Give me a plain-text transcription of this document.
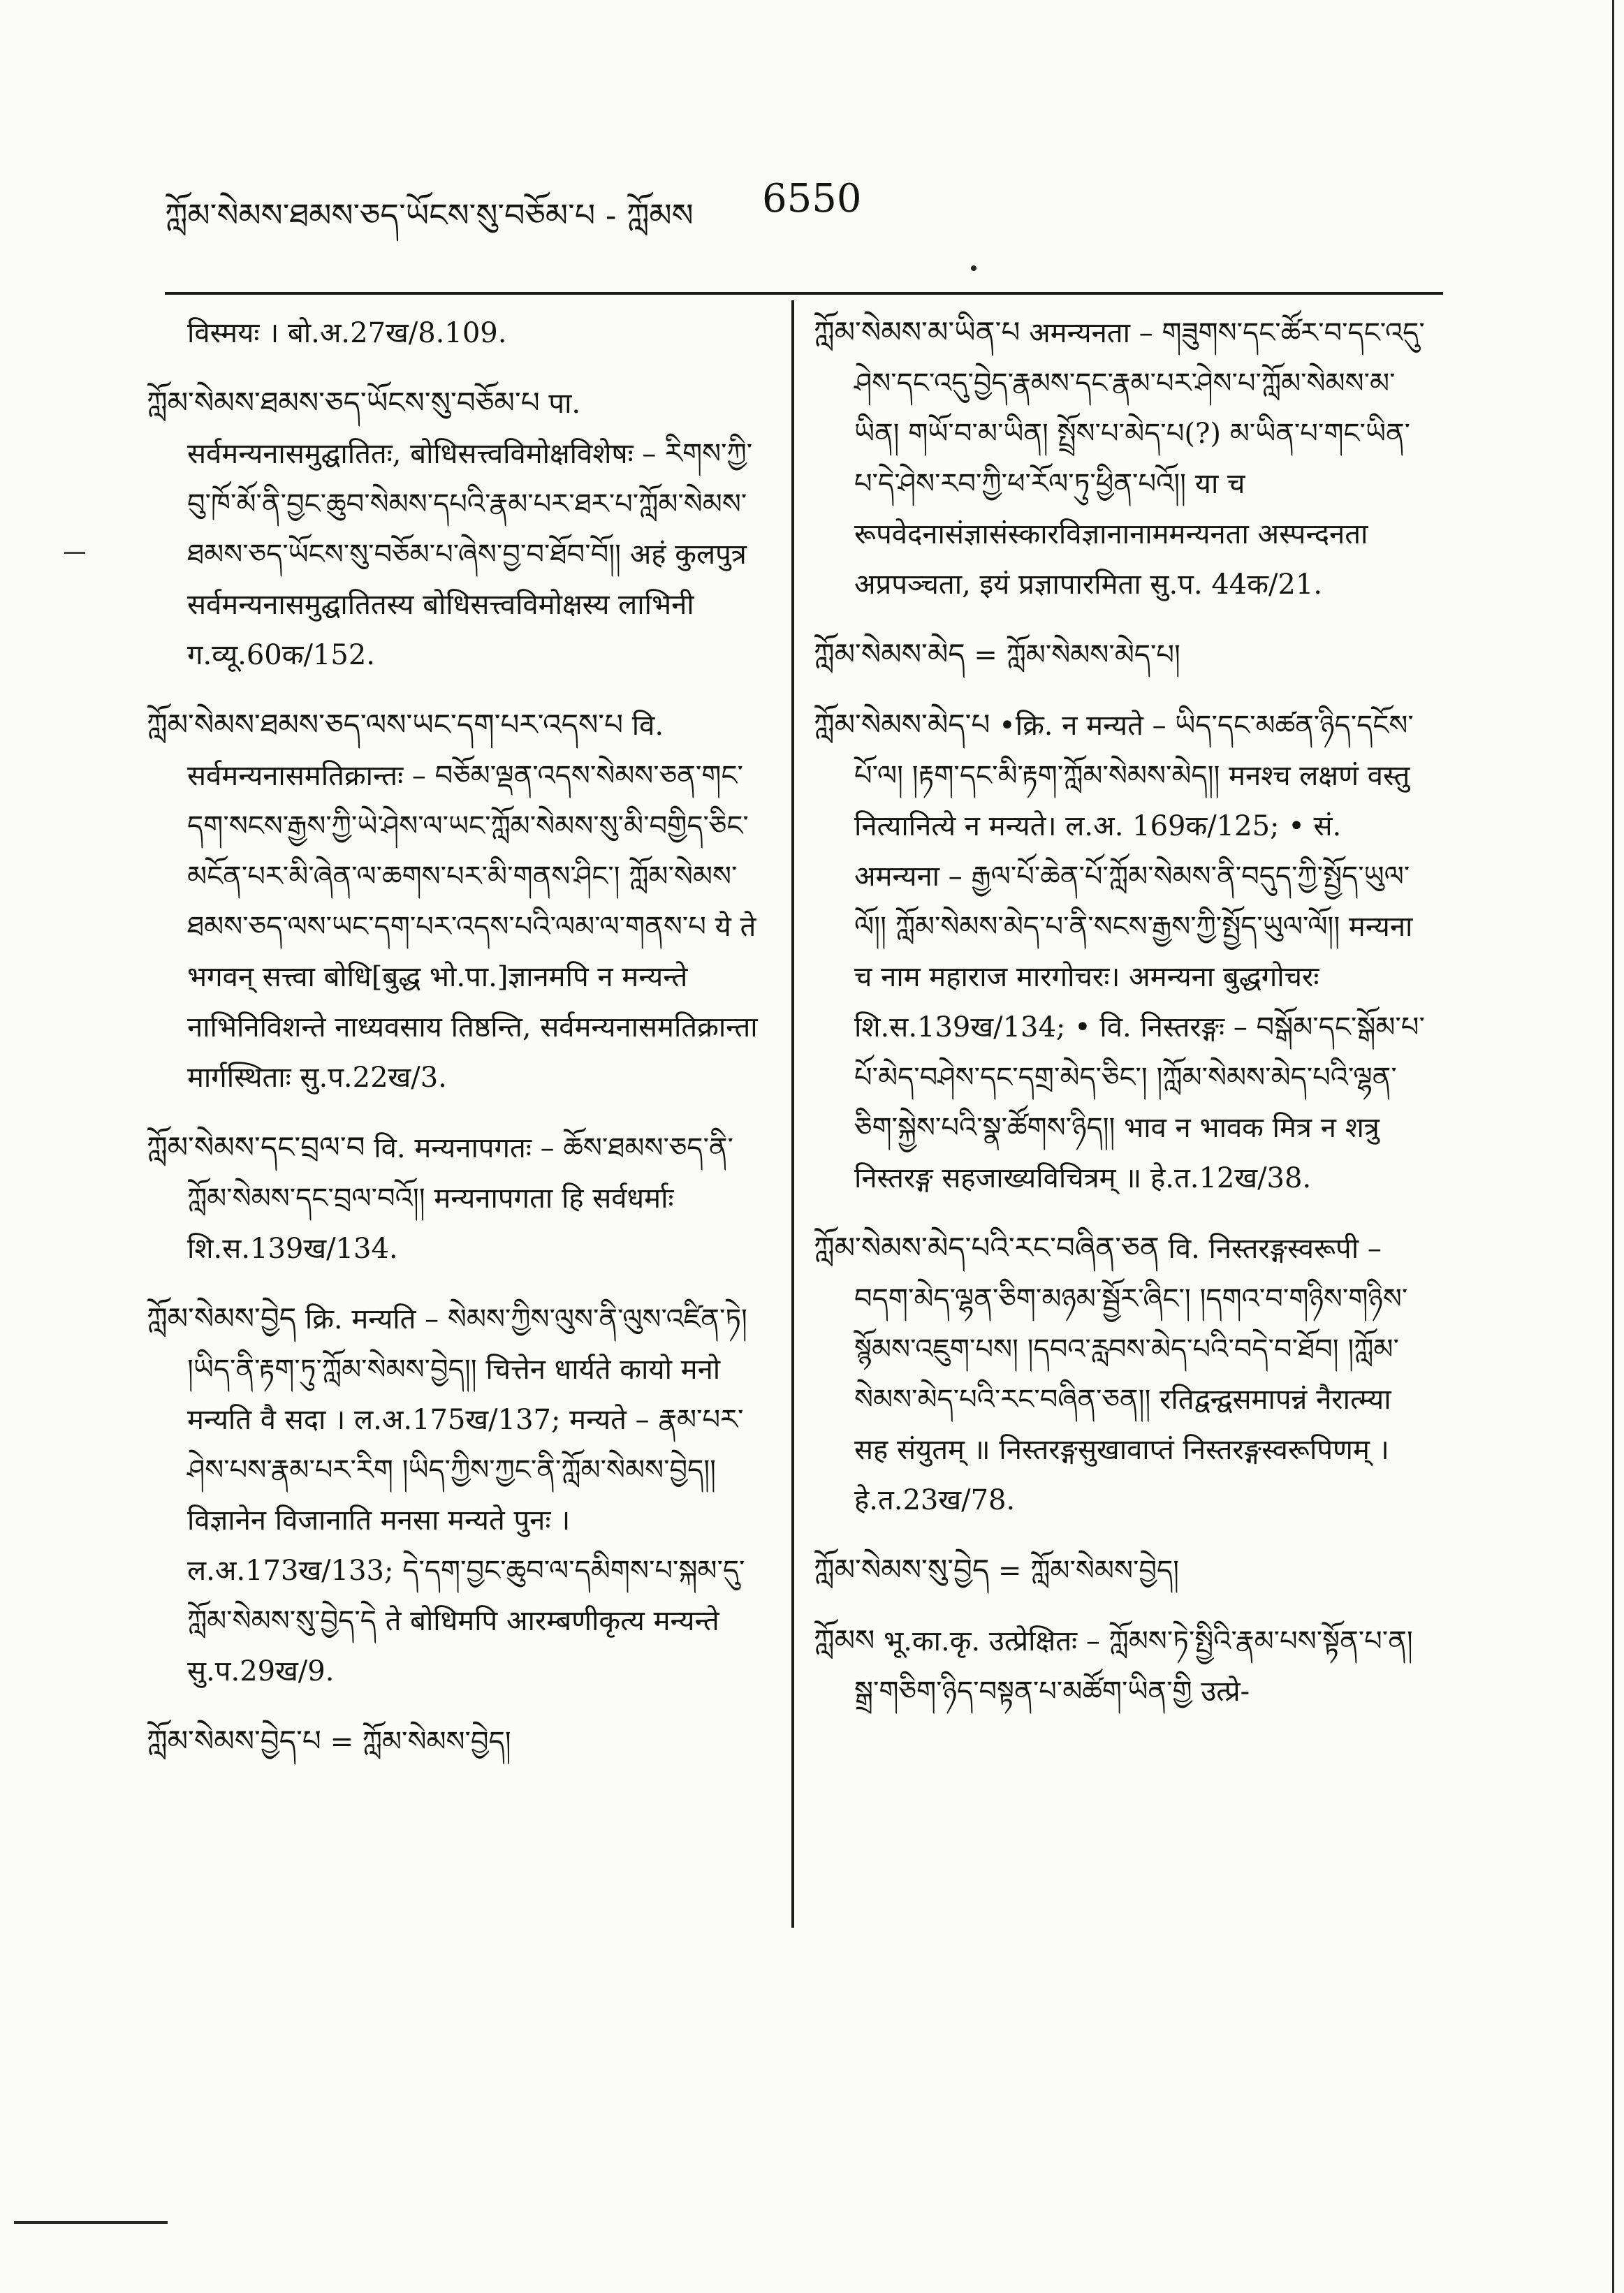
ཀློམ་སེམས་ཐམས་ཅད་ཡོངས་སུ་བཅོམ་པ - ཀློམས 6550

विस्मयः । बो.अ.27ख/8.109.

ཀློམ་སེམས་ཐམས་ཅད་ཡོངས་སུ་བཅོམ་པ पा. सर्वमन्यनासमुद्घातितः, बोधिसत्त्वविमोक्षविशेषः – རིགས་ཀྱི་བུ་ཁོ་མོ་ནི་བྱང་ཆུབ་སེམས་དཔའི་རྣམ་པར་ཐར་པ་ཀློམ་སེམས་ཐམས་ཅད་ཡོངས་སུ་བཅོམ་པ་ཞེས་བྱ་བ་ཐོབ་བོ།། अहं कुलपुत्र सर्वमन्यनासमुद्घातितस्य बोधिसत्त्वविमोक्षस्य लाभिनी ग.व्यू.60क/152.

ཀློམ་སེམས་ཐམས་ཅད་ལས་ཡང་དག་པར་འདས་པ वि. सर्वमन्यनासमतिक्रान्तः – བཅོམ་ལྡན་འདས་སེམས་ཅན་གང་དག་སངས་རྒྱས་ཀྱི་ཡེ་ཤེས་ལ་ཡང་ཀློམ་སེམས་སུ་མི་བགྱིད་ཅིང་མངོན་པར་མི་ཞེན་ལ་ཆགས་པར་མི་གནས་ཤིང་། ཀློམ་སེམས་ཐམས་ཅད་ལས་ཡང་དག་པར་འདས་པའི་ལམ་ལ་གནས་པ ये ते भगवन् सत्त्वा बोधि[बुद्ध भो.पा.]ज्ञानमपि न मन्यन्ते नाभिनिविशन्ते नाध्यवसाय तिष्ठन्ति, सर्वमन्यनासमतिक्रान्ता मार्गस्थिताः सु.प.22ख/3.

ཀློམ་སེམས་དང་བྲལ་བ वि. मन्यनापगतः – ཆོས་ཐམས་ཅད་ནི་ཀློམ་སེམས་དང་བྲལ་བའོ།། मन्यनापगता हि सर्वधर्माः शि.स.139ख/134.

ཀློམ་སེམས་བྱེད क्रि. मन्यति – སེམས་ཀྱིས་ལུས་ནི་ལུས་འཛིན་ཏེ། །ཡིད་ནི་རྟག་ཏུ་ཀློམ་སེམས་བྱེད།། चित्तेन धार्यते कायो मनो मन्यति वै सदा । ल.अ.175ख/137; मन्यते – རྣམ་པར་ཤེས་པས་རྣམ་པར་རིག །ཡིད་ཀྱིས་ཀྱང་ནི་ཀློམ་སེམས་བྱེད།། विज्ञानेन विजानाति मनसा मन्यते पुनः । ल.अ.173ख/133; དེ་དག་བྱང་ཆུབ་ལ་དམིགས་པ་སྐམ་དུ་ཀློམ་སེམས་སུ་བྱེད་དེ ते बोधिमपि आरम्बणीकृत्य मन्यन्ते सु.प.29ख/9.

ཀློམ་སེམས་བྱེད་པ = ཀློམ་སེམས་བྱེད།

ཀློམ་སེམས་མ་ཡིན་པ अमन्यनता – གཟུགས་དང་ཚོར་བ་དང་འདུ་ཤེས་དང་འདུ་བྱེད་རྣམས་དང་རྣམ་པར་ཤེས་པ་ཀློམ་སེམས་མ་ཡིན། གཡོ་བ་མ་ཡིན། སྤྲོས་པ་མེད་པ(?) མ་ཡིན་པ་གང་ཡིན་པ་དེ་ཤེས་རབ་ཀྱི་ཕ་རོལ་ཏུ་ཕྱིན་པའོ།། या च रूपवेदनासंज्ञासंस्कारविज्ञानानाममन्यनता अस्पन्दनता अप्रपञ्चता, इयं प्रज्ञापारमिता सु.प. 44क/21.

ཀློམ་སེམས་མེད = ཀློམ་སེམས་མེད་པ།

ཀློམ་སེམས་མེད་པ •क्रि. न मन्यते – ཡིད་དང་མཚན་ཉིད་དངོས་པོ་ལ། །རྟག་དང་མི་རྟག་ཀློམ་སེམས་མེད།། मनश्च लक्षणं वस्तु नित्यानित्ये न मन्यते। ल.अ. 169क/125; • सं. अमन्यना – རྒྱལ་པོ་ཆེན་པོ་ཀློམ་སེམས་ནི་བདུད་ཀྱི་སྤྱོད་ཡུལ་ལོ།། ཀློམ་སེམས་མེད་པ་ནི་སངས་རྒྱས་ཀྱི་སྤྱོད་ཡུལ་ལོ།། मन्यना च नाम महाराज मारगोचरः। अमन्यना बुद्धगोचरः शि.स.139ख/134; • वि. निस्तरङ्गः – བསྒོམ་དང་སྒོམ་པ་པོ་མེད་བཤེས་དང་དགྲ་མེད་ཅིང་། །ཀློམ་སེམས་མེད་པའི་ལྷན་ཅིག་སྐྱེས་པའི་སྣ་ཚོགས་ཉིད།། भाव न भावक मित्र न शत्रु निस्तरङ्ग सहजाख्यविचित्रम् ॥ हे.त.12ख/38.

ཀློམ་སེམས་མེད་པའི་རང་བཞིན་ཅན वि. निस्तरङ्गस्वरूपी – བདག་མེད་ལྷན་ཅིག་མཉམ་སྦྱོར་ཞིང་། །དགའ་བ་གཉིས་གཉིས་སྙོམས་འཇུག་པས། །དབའ་རླབས་མེད་པའི་བདེ་བ་ཐོབ། །ཀློམ་སེམས་མེད་པའི་རང་བཞིན་ཅན།། रतिद्वन्द्वसमापन्नं नैरात्म्या सह संयुतम् ॥ निस्तरङ्गसुखावाप्तं निस्तरङ्गस्वरूपिणम् । हे.त.23ख/78.

ཀློམ་སེམས་སུ་བྱེད = ཀློམ་སེམས་བྱེད།

ཀློམས भू.का.कृ. उत्प्रेक्षितः – ཀློམས་ཏེ་སྤྱིའི་རྣམ་པས་སྟོན་པ་ན། སྒྲ་གཅིག་ཉིད་བསྟན་པ་མཚོག་ཡིན་གྱི उत्प्रे-
